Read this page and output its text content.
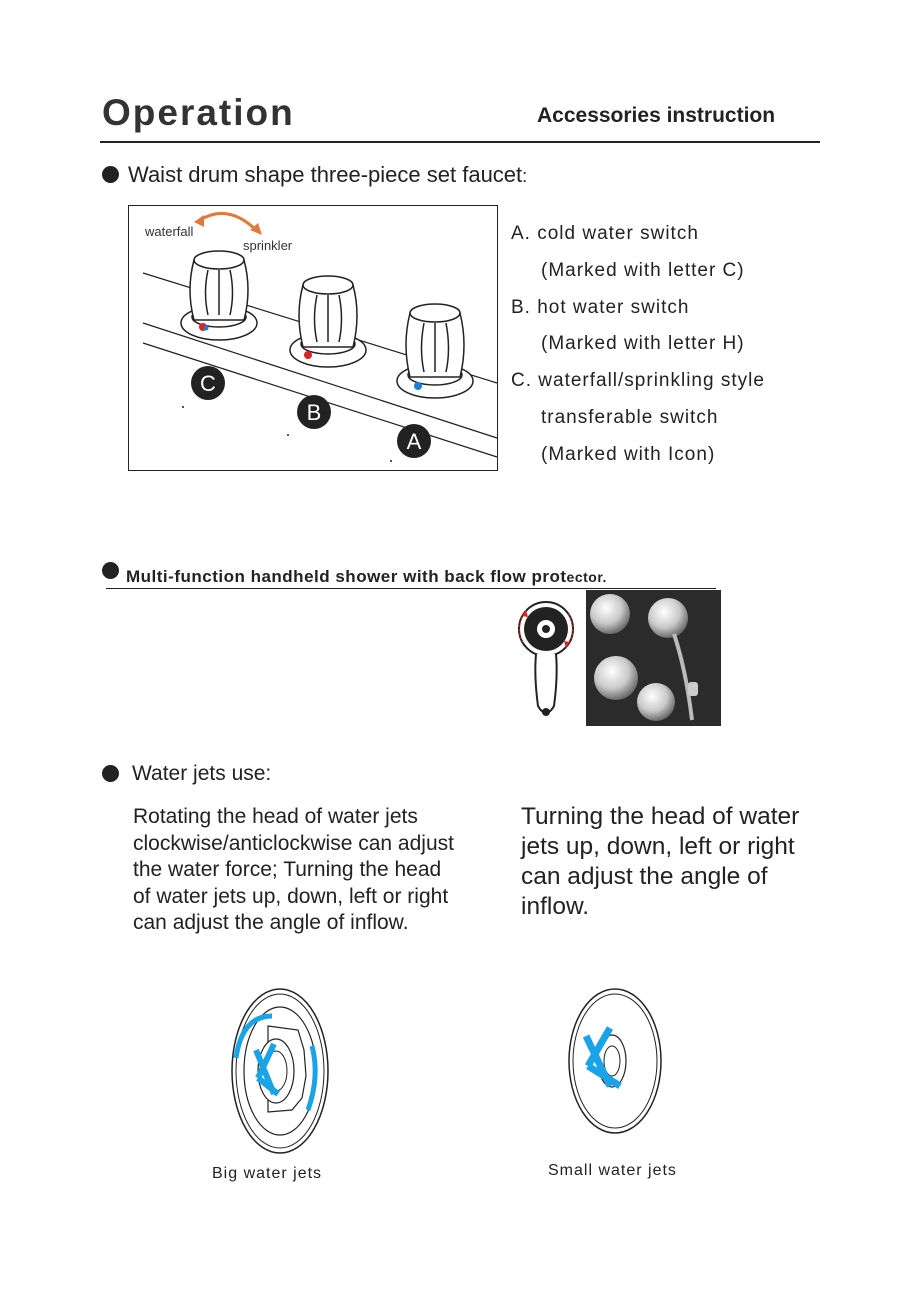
Operation	Accessories instruction
Waist drum shape three-piece set faucet:
waterfall
sprinkler
C
B
A
A. cold water switch
(Marked with letter C)
B. hot water switch
(Marked with letter H)
C. waterfall/sprinkling style
transferable switch
(Marked with Icon)
Multi-function handheld shower with back flow protector.
Water jets use:
Rotating the head of water jets clockwise/anticlockwise can adjust the water force; Turning the head of water jets up, down, left or right can adjust the angle of inflow.
Turning the head of water jets up, down, left or right can adjust the angle of inflow.
Big water jets	Small water jets
